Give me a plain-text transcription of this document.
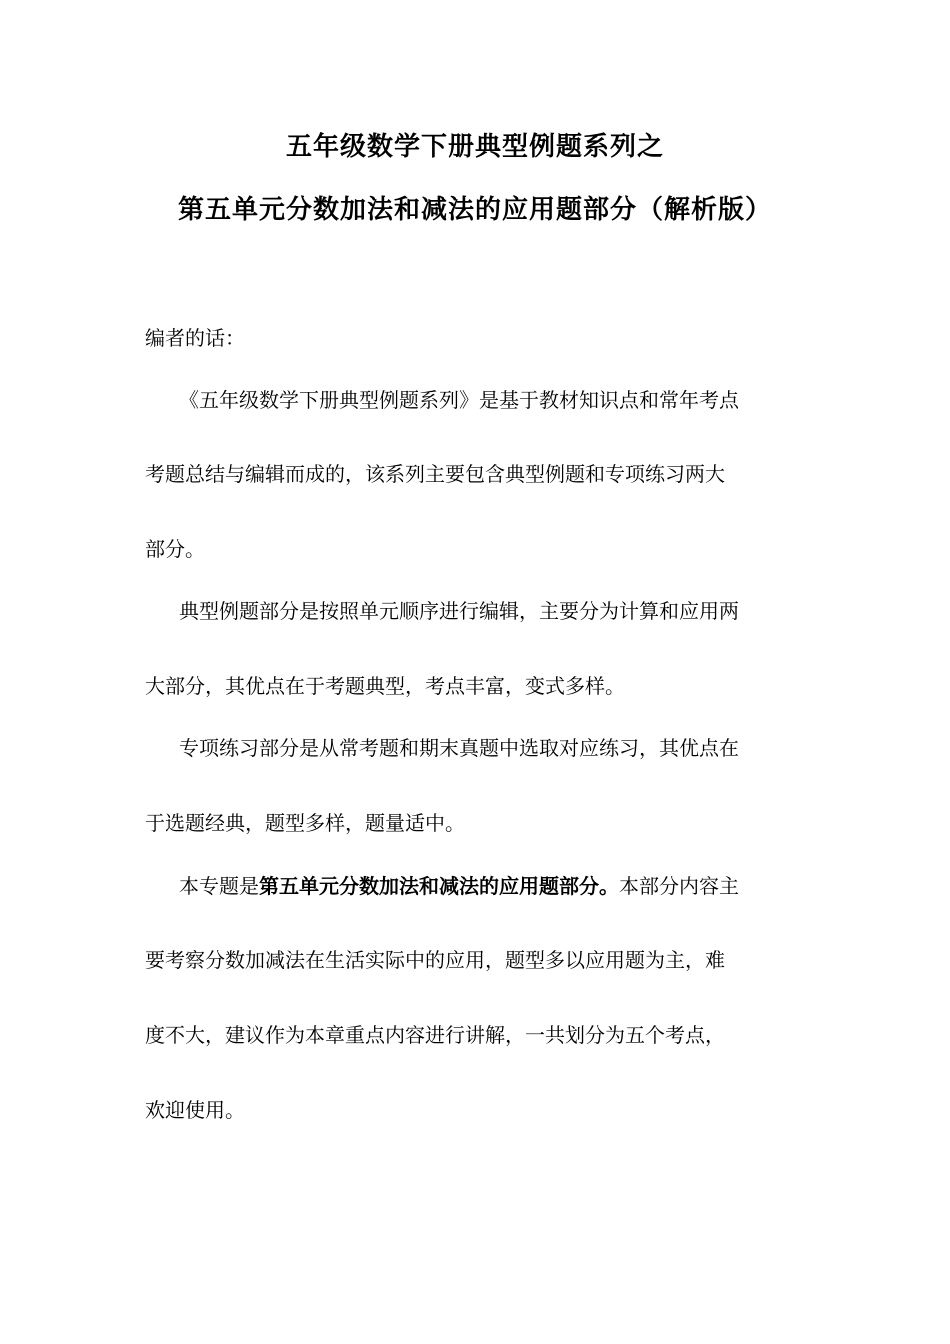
五年级数学下册典型例题系列之
第五单元分数加法和减法的应用题部分（解析版）
编者的话：
《五年级数学下册典型例题系列》是基于教材知识点和常年考点
考题总结与编辑而成的，该系列主要包含典型例题和专项练习两大
部分。
典型例题部分是按照单元顺序进行编辑，主要分为计算和应用两
大部分，其优点在于考题典型，考点丰富，变式多样。
专项练习部分是从常考题和期末真题中选取对应练习，其优点在
于选题经典，题型多样，题量适中。
本专题是第五单元分数加法和减法的应用题部分。本部分内容主
要考察分数加减法在生活实际中的应用，题型多以应用题为主，难
度不大，建议作为本章重点内容进行讲解，一共划分为五个考点，
欢迎使用。
